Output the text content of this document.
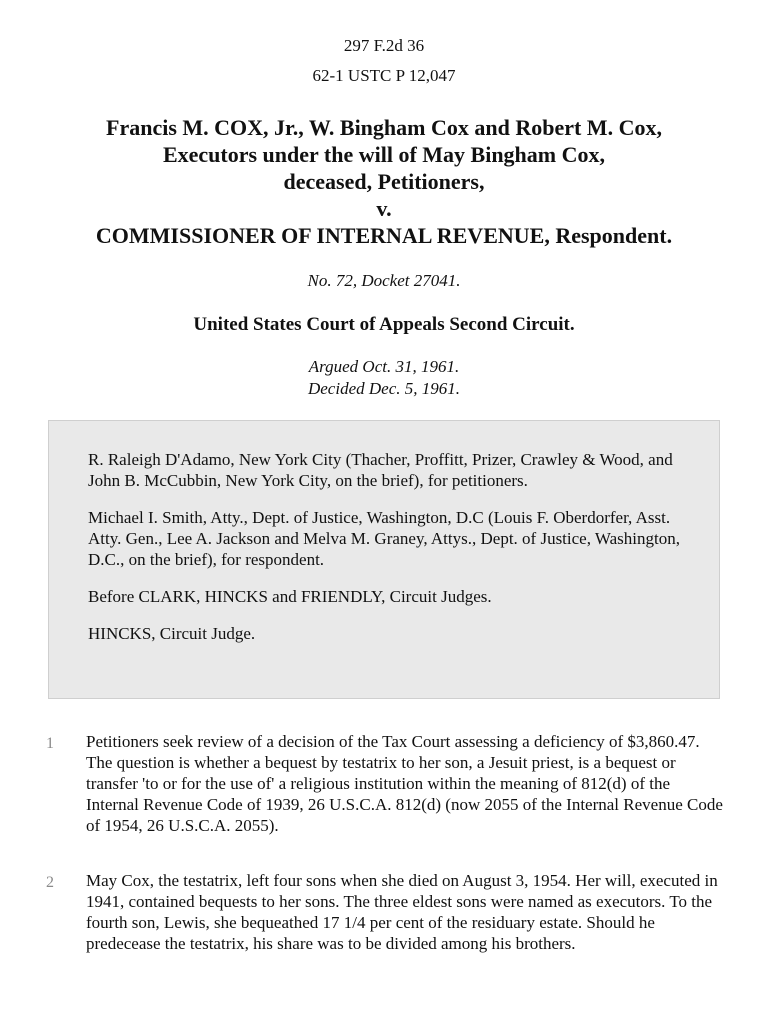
297 F.2d 36
62-1 USTC P 12,047
Francis M. COX, Jr., W. Bingham Cox and Robert M. Cox,
Executors under the will of May Bingham Cox,
deceased, Petitioners,
v.
COMMISSIONER OF INTERNAL REVENUE, Respondent.
No. 72, Docket 27041.
United States Court of Appeals Second Circuit.
Argued Oct. 31, 1961.
Decided Dec. 5, 1961.

R. Raleigh D'Adamo, New York City (Thacher, Proffitt, Prizer, Crawley & Wood, and John B. McCubbin, New York City, on the brief), for petitioners.

Michael I. Smith, Atty., Dept. of Justice, Washington, D.C (Louis F. Oberdorfer, Asst. Atty. Gen., Lee A. Jackson and Melva M. Graney, Attys., Dept. of Justice, Washington, D.C., on the brief), for respondent.

Before CLARK, HINCKS and FRIENDLY, Circuit Judges.

HINCKS, Circuit Judge.

1 Petitioners seek review of a decision of the Tax Court assessing a deficiency of $3,860.47. The question is whether a bequest by testatrix to her son, a Jesuit priest, is a bequest or transfer 'to or for the use of' a religious institution within the meaning of 812(d) of the Internal Revenue Code of 1939, 26 U.S.C.A. 812(d) (now 2055 of the Internal Revenue Code of 1954, 26 U.S.C.A. 2055).

2 May Cox, the testatrix, left four sons when she died on August 3, 1954. Her will, executed in 1941, contained bequests to her sons. The three eldest sons were named as executors. To the fourth son, Lewis, she bequeathed 17 1/4 per cent of the residuary estate. Should he predecease the testatrix, his share was to be divided among his brothers.
